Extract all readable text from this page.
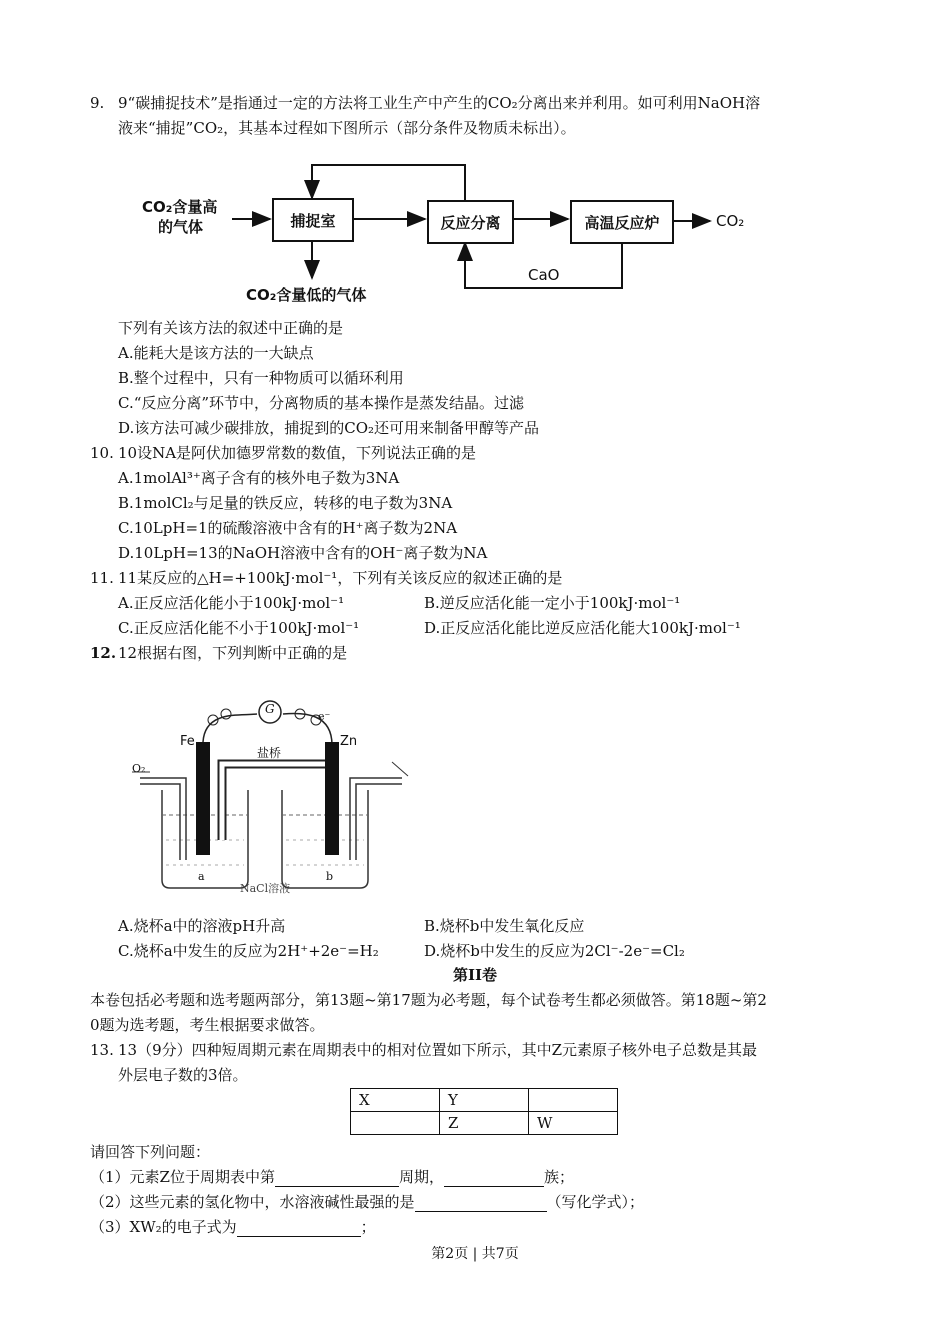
9. 9“碳捕捉技术”是指通过一定的方法将工业生产中产生的CO₂分离出来并利用。如可利用NaOH溶
液来“捕捉”CO₂，其基本过程如下图所示（部分条件及物质未标出）。
CO₂含量高
的气体	捕捉室	反应分离	高温反应炉	CO₂
CO₂含量低的气体
CaO
下列有关该方法的叙述中正确的是
A.能耗大是该方法的一大缺点
B.整个过程中，只有一种物质可以循环利用
C.“反应分离”环节中，分离物质的基本操作是蒸发结晶。过滤
D.该方法可减少碳排放，捕捉到的CO₂还可用来制备甲醇等产品
10. 10设NA是阿伏加德罗常数的数值，下列说法正确的是
A.1molAl³⁺离子含有的核外电子数为3NA
B.1molCl₂与足量的铁反应，转移的电子数为3NA
C.10LpH=1的硫酸溶液中含有的H⁺离子数为2NA
D.10LpH=13的NaOH溶液中含有的OH⁻离子数为NA
11. 11某反应的△H=+100kJ·mol⁻¹，下列有关该反应的叙述正确的是
A.正反应活化能小于100kJ·mol⁻¹	B.逆反应活化能一定小于100kJ·mol⁻¹
C.正反应活化能不小于100kJ·mol⁻¹	D.正反应活化能比逆反应活化能大100kJ·mol⁻¹
12. 12根据右图，下列判断中正确的是
G
Fe	Zn
盐桥
O₂
e⁻
a	b
NaCl溶液
A.烧杯a中的溶液pH升高	B.烧杯b中发生氧化反应
C.烧杯a中发生的反应为2H⁺+2e⁻=H₂	D.烧杯b中发生的反应为2Cl⁻-2e⁻=Cl₂
第II卷
本卷包括必考题和选考题两部分，第13题~第17题为必考题，每个试卷考生都必须做答。第18题~第2
0题为选考题，考生根据要求做答。
13. 13（9分）四种短周期元素在周期表中的相对位置如下所示，其中Z元素原子核外电子总数是其最
外层电子数的3倍。
X	Y	
	Z	W
请回答下列问题：
（1）元素Z位于周期表中第	周期，	族；
（2）这些元素的氢化物中，水溶液碱性最强的是	（写化学式）；
（3）XW₂的电子式为	；
第2页 | 共7页
